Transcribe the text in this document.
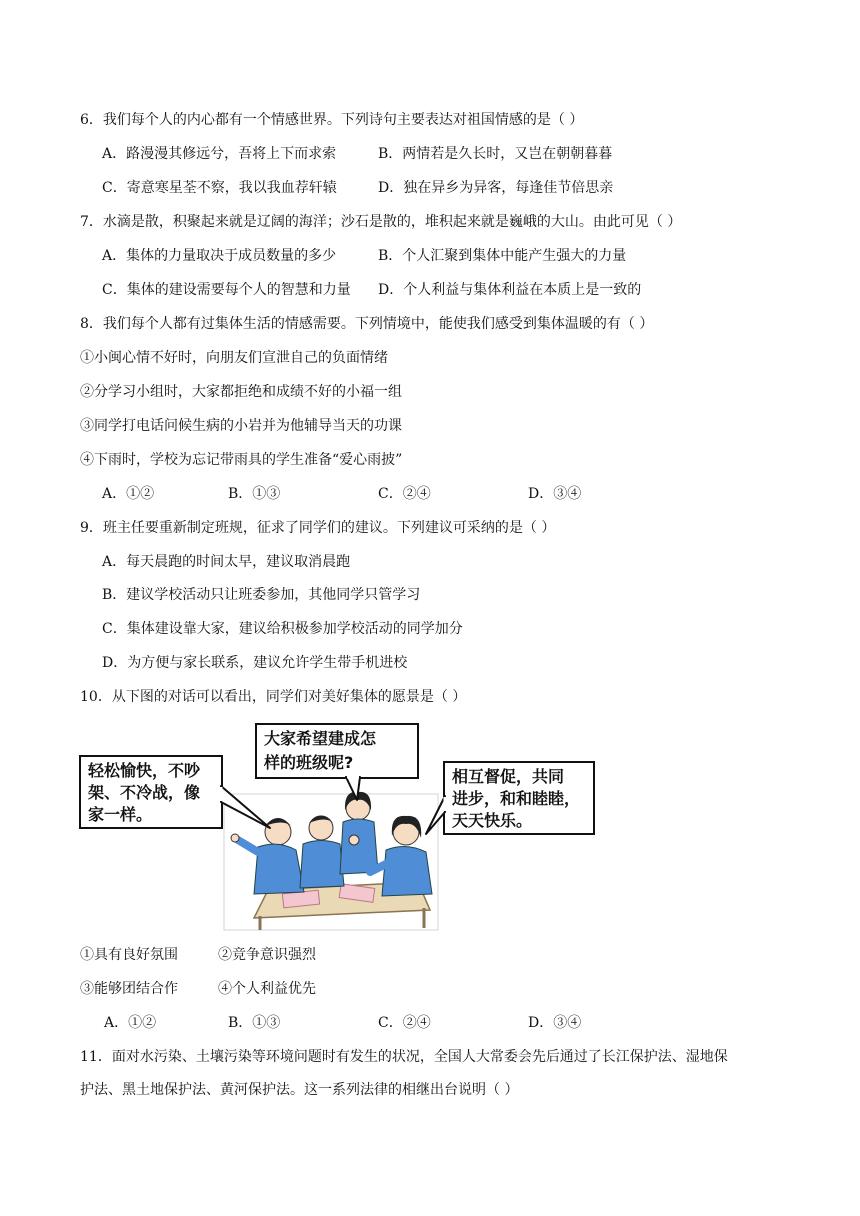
6．我们每个人的内心都有一个情感世界。下列诗句主要表达对祖国情感的是（ ）
A．路漫漫其修远兮，吾将上下而求索	B．两情若是久长时，又岂在朝朝暮暮
C．寄意寒星荃不察，我以我血荐轩辕	D．独在异乡为异客，每逢佳节倍思亲
7．水滴是散，积聚起来就是辽阔的海洋；沙石是散的，堆积起来就是巍峨的大山。由此可见（ ）
A．集体的力量取决于成员数量的多少	B．个人汇聚到集体中能产生强大的力量
C．集体的建设需要每个人的智慧和力量 D．个人利益与集体利益在本质上是一致的
8．我们每个人都有过集体生活的情感需要。下列情境中，能使我们感受到集体温暖的有（ ）
①小闽心情不好时，向朋友们宣泄自己的负面情绪
②分学习小组时，大家都拒绝和成绩不好的小福一组
③同学打电话问候生病的小岩并为他辅导当天的功课
④下雨时，学校为忘记带雨具的学生准备“爱心雨披”
A．①②	B．①③	C．②④	D．③④
9．班主任要重新制定班规，征求了同学们的建议。下列建议可采纳的是（ ）
A．每天晨跑的时间太早，建议取消晨跑
B．建议学校活动只让班委参加，其他同学只管学习
C．集体建设靠大家，建议给积极参加学校活动的同学加分
D．为方便与家长联系，建议允许学生带手机进校
10．从下图的对话可以看出，同学们对美好集体的愿景是（ ）
大家希望建成怎
样的班级呢?
轻松愉快，不吵
架、不冷战，像
家一样。
相互督促，共同
进步，和和睦睦，
天天快乐。
①具有良好氛围	②竞争意识强烈
③能够团结合作	④个人利益优先
A．①②	B．①③	C．②④	D．③④
11．面对水污染、土壤污染等环境问题时有发生的状况，全国人大常委会先后通过了长江保护法、湿地保
护法、黑土地保护法、黄河保护法。这一系列法律的相继出台说明（ ）
